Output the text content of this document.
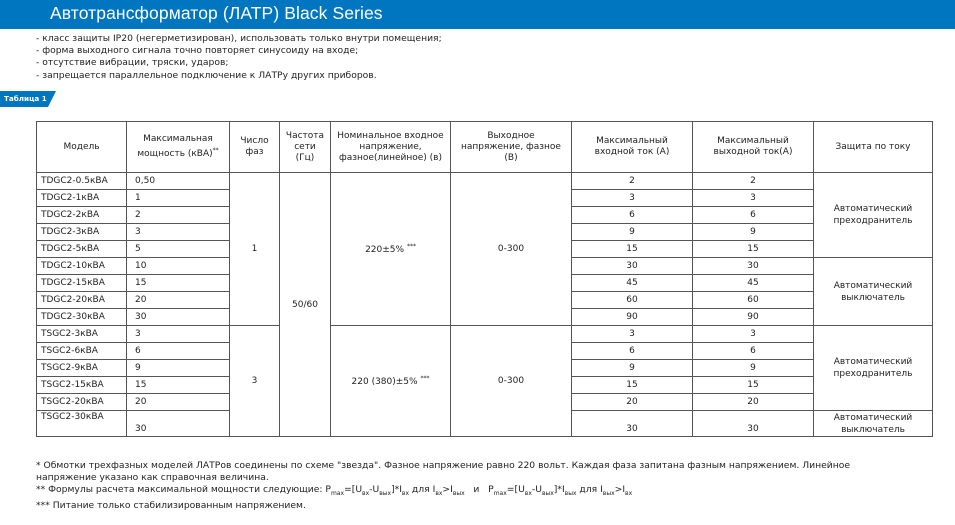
Автотрансформатор (ЛАТР) Black Series
- класс защиты IP20 (негерметизирован), использовать только внутри помещения;
- форма выходного сигнала точно повторяет синусоиду на входе;
- отсутствие вибрации, тряски, ударов;
- запрещается параллельное подключение к ЛАТРу других приборов.
Таблица 1
Модель	Максимальная мощность (кВА)**	Число фаз	Частота сети (Гц)	Номинальное входное напряжение, фазное(линейное) (в)	Выходное напряжение, фазное (В)	Максимальный входной ток (А)	Максимальный выходной ток(А)	Защита по току
TDGC2-0.5кВА	0,50	1	50/60	220±5% ***	0-300	2	2	Автоматический преходранитель
TDGC2-1кВА	1					3	3	
TDGC2-2кВА	2					6	6	
TDGC2-3кВА	3					9	9	
TDGC2-5кВА	5					15	15	
TDGC2-10кВА	10					30	30	Автоматический выключатель
TDGC2-15кВА	15					45	45	
TDGC2-20кВА	20					60	60	
TDGC2-30кВА	30					90	90	
TSGC2-3кВА	3	3		220 (380)±5% ***	0-300	3	3	Автоматический преходранитель
TSGC2-6кВА	6					6	6	
TSGC2-9кВА	9					9	9	
TSGC2-15кВА	15					15	15	
TSGC2-20кВА	20					20	20	
TSGC2-30кВА	30					30	30	Автоматический выключатель
* Обмотки трехфазных моделей ЛАТРов соединены по схеме "звезда". Фазное напряжение равно 220 вольт. Каждая фаза запитана фазным напряжением. Линейное
напряжение указано как справочная величина.
** Формулы расчета максимальной мощности следующие: $P_{max}=[U_{вх}-U_{вых}]*I_{вх}$ для $I_{вх}>I_{вых}$   и   $P_{max}=[U_{вх}-U_{вых}]*I_{вых}$ для $I_{вых}>I_{вх}$
*** Питание только стабилизированным напряжением.
